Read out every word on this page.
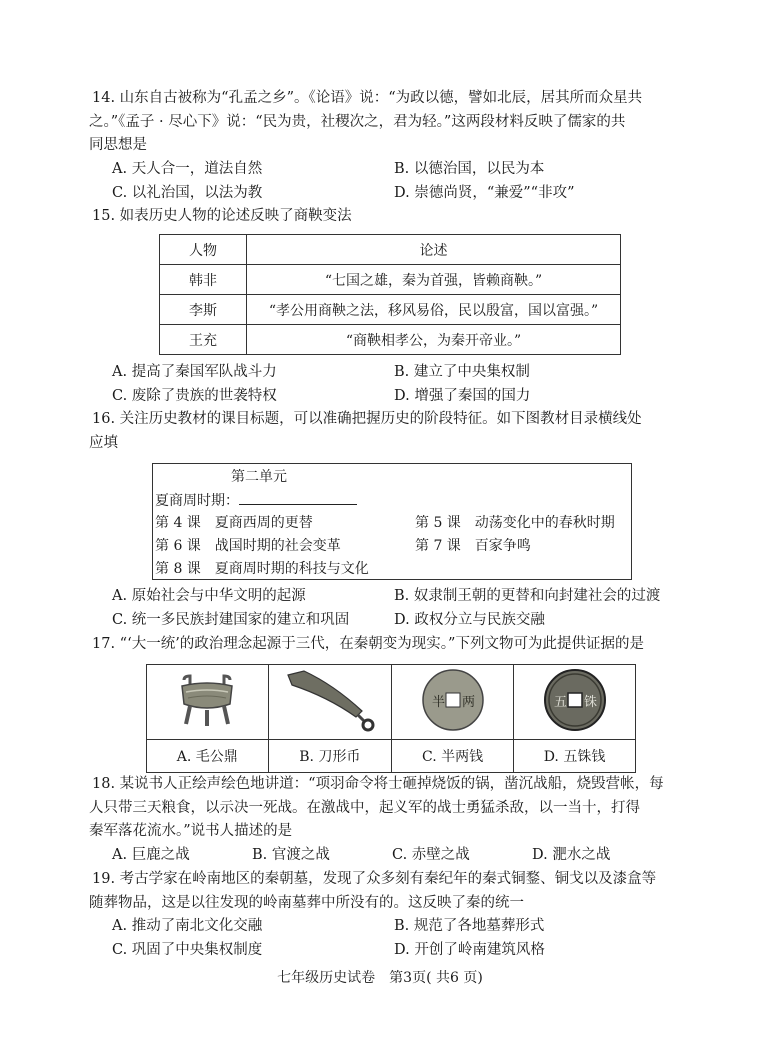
14. 山东自古被称为“孔孟之乡”。《论语》说：“为政以德，譬如北辰，居其所而众星共

之。”《孟子 · 尽心下》说：“民为贵，社稷次之，君为轻。”这两段材料反映了儒家的共

同思想是

A. 天人合一，道法自然	B. 以德治国，以民为本
C. 以礼治国，以法为教	D. 崇德尚贤，“兼爱”“非攻”

15. 如表历史人物的论述反映了商鞅变法

人物	论述
韩非	“七国之雄，秦为首强，皆赖商鞅。”
李斯	“孝公用商鞅之法，移风易俗，民以殷富，国以富强。”
王充	“商鞅相孝公，为秦开帝业。”
A. 提高了秦国军队战斗力	B. 建立了中央集权制
C. 废除了贵族的世袭特权	D. 增强了秦国的国力

16. 关注历史教材的课目标题，可以准确把握历史的阶段特征。如下图教材目录横线处

应填

第二单元
夏商周时期：
第 4 课　夏商西周的更替	第 5 课　动荡变化中的春秋时期
第 6 课　战国时期的社会变革	第 7 课　百家争鸣
第 8 课　夏商周时期的科技与文化
A. 原始社会与中华文明的起源	B. 奴隶制王朝的更替和向封建社会的过渡
C. 统一多民族封建国家的建立和巩固	D. 政权分立与民族交融

17. “‘大一统’的政治理念起源于三代，在秦朝变为现实。”下列文物可为此提供证据的是

半 两	五 铢

A. 毛公鼎	B. 刀形币	C. 半两钱	D. 五铢钱

18. 某说书人正绘声绘色地讲道：“项羽命令将士砸掉烧饭的锅，凿沉战船，烧毁营帐，每

人只带三天粮食，以示决一死战。在激战中，起义军的战士勇猛杀敌，以一当十，打得

秦军落花流水。”说书人描述的是

A. 巨鹿之战	B. 官渡之战	C. 赤壁之战	D. 淝水之战

19. 考古学家在岭南地区的秦朝墓，发现了众多刻有秦纪年的秦式铜鍪、铜戈以及漆盒等

随葬物品，这是以往发现的岭南墓葬中所没有的。这反映了秦的统一

A. 推动了南北文化交融	B. 规范了各地墓葬形式
C. 巩固了中央集权制度	D. 开创了岭南建筑风格
七年级历史试卷　第3页( 共6 页)
